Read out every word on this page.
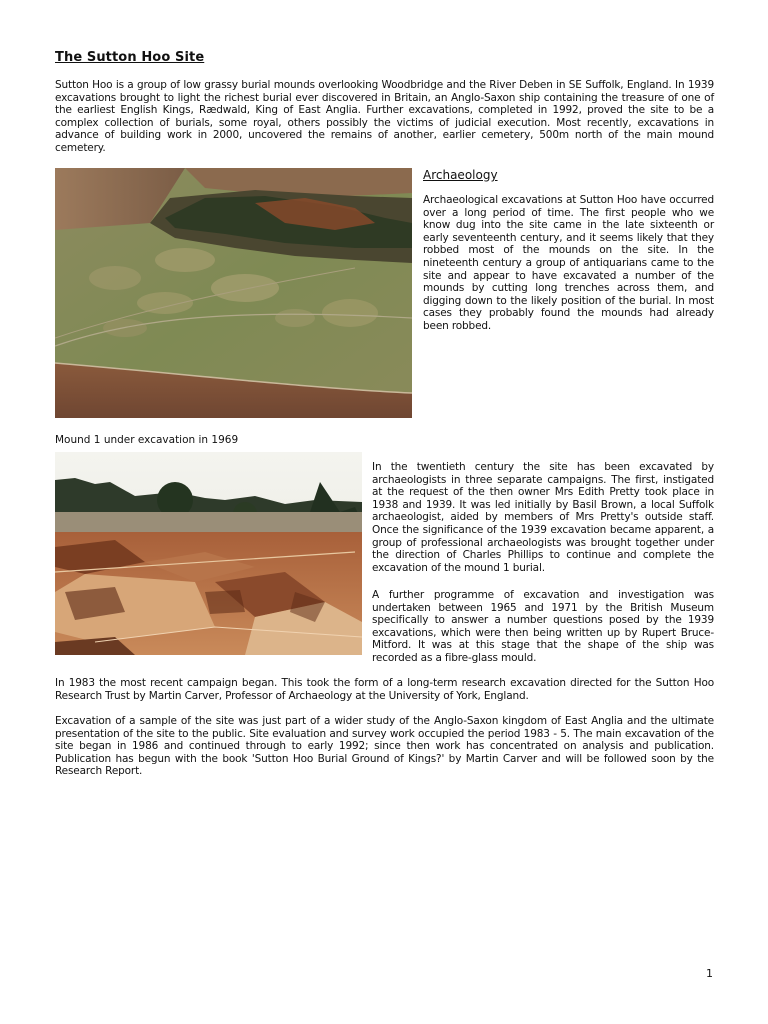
The Sutton Hoo Site

Sutton Hoo is a group of low grassy burial mounds overlooking Woodbridge and the River Deben in SE Suffolk, England. In 1939 excavations brought to light the richest burial ever discovered in Britain, an Anglo-Saxon ship containing the treasure of one of the earliest English Kings, Rædwald, King of East Anglia. Further excavations, completed in 1992, proved the site to be a complex collection of burials, some royal, others possibly the victims of judicial execution. Most recently, excavations in advance of building work in 2000, uncovered the remains of another, earlier cemetery, 500m north of the main mound cemetery.

Archaeology

Archaeological excavations at Sutton Hoo have occurred over a long period of time. The first people who we know dug into the site came in the late sixteenth or early seventeenth century, and it seems likely that they robbed most of the mounds on the site. In the nineteenth century a group of antiquarians came to the site and appear to have excavated a number of the mounds by cutting long trenches across them, and digging down to the likely position of the burial. In most cases they probably found the mounds had already been robbed.

Mound 1 under excavation in 1969

In the twentieth century the site has been excavated by archaeologists in three separate campaigns. The first, instigated at the request of the then owner Mrs Edith Pretty took place in 1938 and 1939. It was led initially by Basil Brown, a local Suffolk archaeologist, aided by members of Mrs Pretty's outside staff. Once the significance of the 1939 excavation became apparent, a group of professional archaeologists was brought together under the direction of Charles Phillips to continue and complete the excavation of the mound 1 burial.

A further programme of excavation and investigation was undertaken between 1965 and 1971 by the British Museum specifically to answer a number questions posed by the 1939 excavations, which were then being written up by Rupert Bruce-Mitford. It was at this stage that the shape of the ship was recorded as a fibre-glass mould.

In 1983 the most recent campaign began. This took the form of a long-term research excavation directed for the Sutton Hoo Research Trust by Martin Carver, Professor of Archaeology at the University of York, England.

Excavation of a sample of the site was just part of a wider study of the Anglo-Saxon kingdom of East Anglia and the ultimate presentation of the site to the public. Site evaluation and survey work occupied the period 1983 - 5. The main excavation of the site began in 1986 and continued through to early 1992; since then work has concentrated on analysis and publication. Publication has begun with the book 'Sutton Hoo Burial Ground of Kings?' by Martin Carver and will be followed soon by the Research Report.

1
